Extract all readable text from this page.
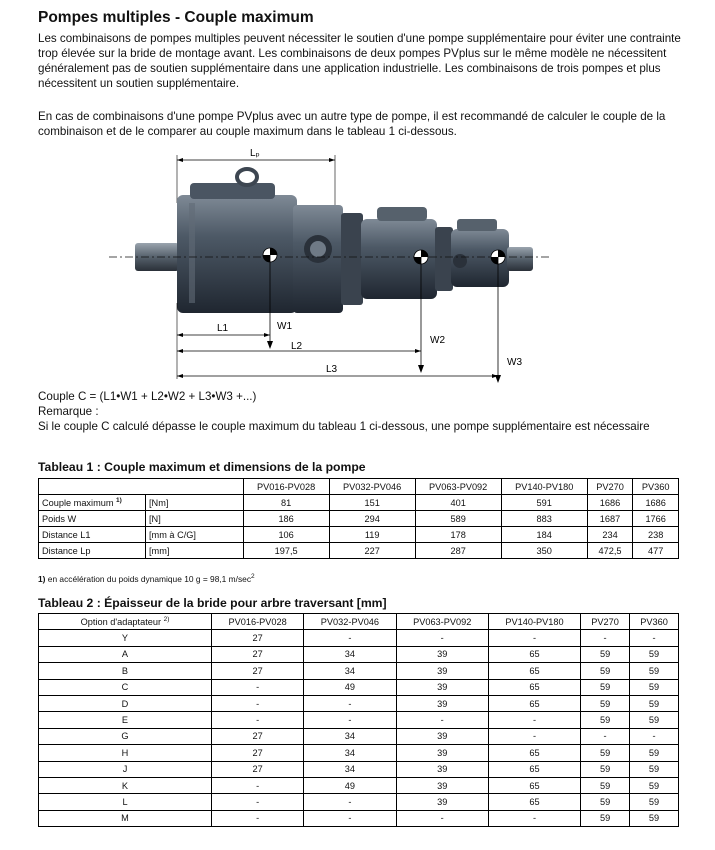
Pompes multiples - Couple maximum

Les combinaisons de pompes multiples peuvent nécessiter le soutien d'une pompe supplémentaire pour éviter une contrainte trop élevée sur la bride de montage avant. Les combinaisons de deux pompes PVplus sur le même modèle ne nécessitent généralement pas de soutien supplémentaire dans une application industrielle. Les combinaisons de trois pompes et plus nécessitent un soutien supplémentaire.

En cas de combinaisons d'une pompe PVplus avec un autre type de pompe, il est recommandé de calculer le couple de la combinaison et de le comparer au couple maximum dans le tableau 1 ci-dessous.

Lₚ
W1
W2
W3
L1
L2
L3
Couple C = (L1•W1 + L2•W2 + L3•W3 +...)
Remarque :
Si le couple C calculé dépasse le couple maximum du tableau 1 ci-dessous, une pompe supplémentaire est nécessaire
Tableau 1 : Couple maximum et dimensions de la pompe
		PV016-PV028	PV032-PV046	PV063-PV092	PV140-PV180	PV270	PV360
Couple maximum $^{1)}$	[Nm]	81	151	401	591	1686	1686
Poids W	[N]	186	294	589	883	1687	1766
Distance L1	[mm à C/G]	106	119	178	184	234	238
Distance Lp	[mm]	197,5	227	287	350	472,5	477
1) en accélération du poids dynamique 10 g = 98,1 $m/\sec^2$
Tableau 2 : Épaisseur de la bride pour arbre traversant [mm]
Option d'adaptateur $^{2)}$	PV016-PV028	PV032-PV046	PV063-PV092	PV140-PV180	PV270	PV360
Y	27	-	-	-	-	-
A	27	34	39	65	59	59
B	27	34	39	65	59	59
C	-	49	39	65	59	59
D	-	-	39	65	59	59
E	-	-	-	-	59	59
G	27	34	39	-	-	-
H	27	34	39	65	59	59
J	27	34	39	65	59	59
K	-	49	39	65	59	59
L	-	-	39	65	59	59
M	-	-	-	-	59	59
